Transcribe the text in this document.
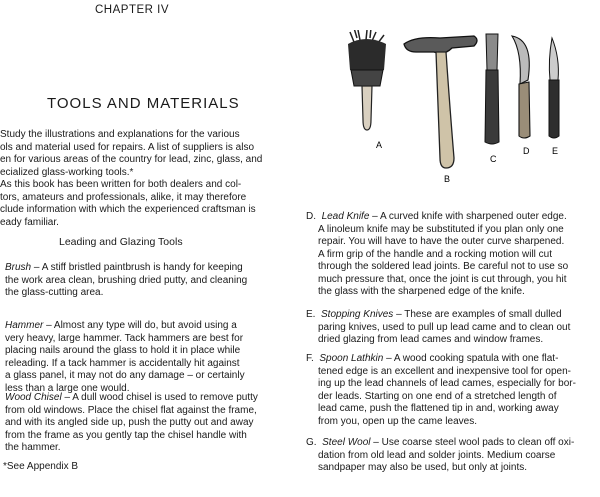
CHAPTER IV
TOOLS AND MATERIALS
Study the illustrations and explanations for the various
ols and material used for repairs. A list of suppliers is also
en for various areas of the country for lead, zinc, glass, and
ecialized glass-working tools.*
As this book has been written for both dealers and col-
tors, amateurs and professionals, alike, it may therefore
clude information with which the experienced craftsman is
eady familiar.
Leading and Glazing Tools
Brush – A stiff bristled paintbrush is handy for keeping
the work area clean, brushing dried putty, and cleaning
the glass-cutting area.
Hammer – Almost any type will do, but avoid using a
very heavy, large hammer. Tack hammers are best for
placing nails around the glass to hold it in place while
releading. If a tack hammer is accidentally hit against
a glass panel, it may not do any damage – or certainly
less than a large one would.
Wood Chisel – A dull wood chisel is used to remove putty
from old windows. Place the chisel flat against the frame,
and with its angled side up, push the putty out and away
from the frame as you gently tap the chisel handle with
the hammer.
*See Appendix B
A
B
C
D	E
D. Lead Knife – A curved knife with sharpened outer edge.
A linoleum knife may be substituted if you plan only one
repair. You will have to have the outer curve sharpened.
A firm grip of the handle and a rocking motion will cut
through the soldered lead joints. Be careful not to use so
much pressure that, once the joint is cut through, you hit
the glass with the sharpened edge of the knife.
E. Stopping Knives – These are examples of small dulled
paring knives, used to pull up lead came and to clean out
dried glazing from lead cames and window frames.
F. Spoon Lathkin – A wood cooking spatula with one flat-
tened edge is an excellent and inexpensive tool for open-
ing up the lead channels of lead cames, especially for bor-
der leads. Starting on one end of a stretched length of
lead came, push the flattened tip in and, working away
from you, open up the came leaves.
G. Steel Wool – Use coarse steel wool pads to clean off oxi-
dation from old lead and solder joints. Medium coarse
sandpaper may also be used, but only at joints.
